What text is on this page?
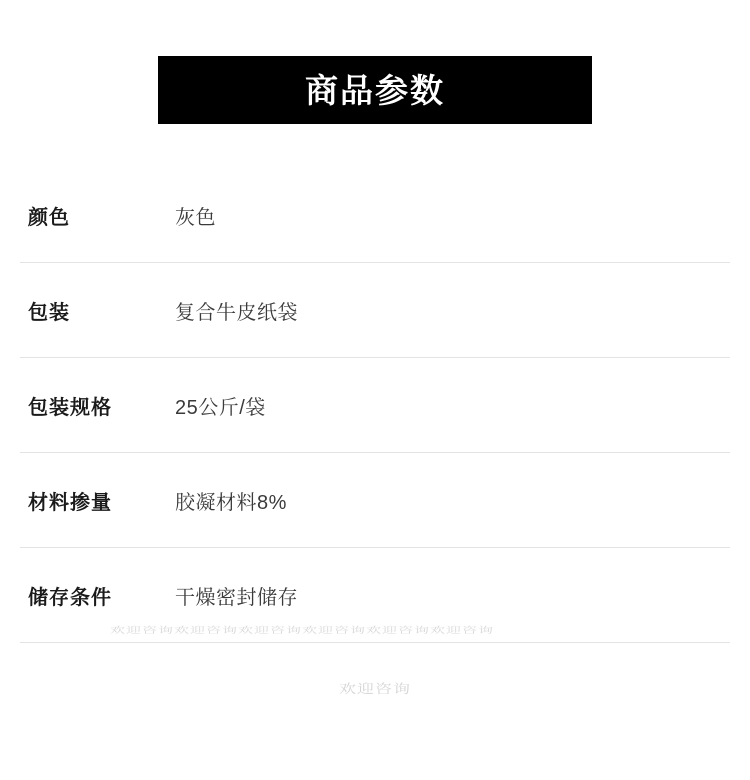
商品参数
颜色	灰色
包装	复合牛皮纸袋
包装规格	25公斤/袋
材料掺量	胶凝材料8%
储存条件	干燥密封储存
欢迎咨询欢迎咨询欢迎咨询欢迎咨询欢迎咨询欢迎咨询
欢迎咨询
